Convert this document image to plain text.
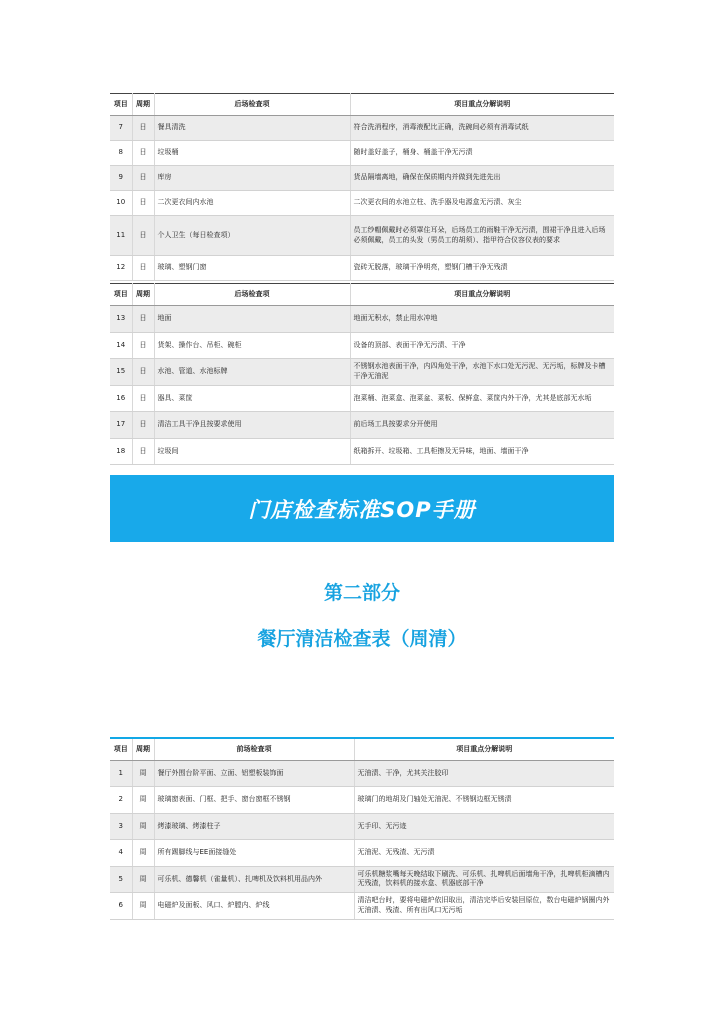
项目	周期	后场检查项	项目重点分解说明
7	日	餐具清洗	符合洗消程序，消毒液配比正确，洗碗间必须有消毒试纸
8	日	垃圾桶	随时盖好盖子，桶身、桶盖干净无污渍
9	日	库房	货品隔墙离地，确保在保质期内并做到先进先出
10	日	二次更衣间内水池	二次更衣间的水池立柱、洗手器及电源盒无污渍、灰尘
11	日	个人卫生（每日检查项）	员工纱帽佩戴时必须罩住耳朵，后场员工的雨鞋干净无污渍，围裙干净且进入后场必须佩戴，员工的头发（男员工的胡须）、指甲符合仪容仪表的要求
12	日	玻璃、塑钢门窗	瓷砖无脱落，玻璃干净明亮，塑钢门槽干净无残渍
项目	周期	后场检查项	项目重点分解说明
13	日	地面	地面无积水，禁止用水冲地
14	日	货架、操作台、吊柜、碗柜	设备的顶部、表面干净无污渍、干净
15	日	水池、管道、水池标牌	不锈钢水池表面干净，内四角处干净，水池下水口处无污泥、无污垢，标牌及卡槽干净无油泥
16	日	器具、菜筐	泡菜桶、泡菜盒、泡菜盆、菜板、保鲜盒、菜筐内外干净，尤其是底部无水垢
17	日	清洁工具干净且按要求使用	前后场工具按要求分开使用
18	日	垃圾间	纸箱拆开、垃圾箱、工具柜擦及无异味，地面、墙面干净
门店检查标准SOP手册
第二部分
餐厅清洁检查表（周清）
项目	周期	前场检查项	项目重点分解说明
1	周	餐厅外围台阶平面、立面、铝塑板装饰面	无油渍、干净，尤其关注胶印
2	周	玻璃窗表面、门框、把手、窗台窗框不锈钢	玻璃门的地胡及门轴处无油泥、不锈钢边框无锈渍
3	周	烤漆玻璃、烤漆柱子	无手印、无污迹
4	周	所有踢脚线与EE面接缝处	无油泥、无残渣、无污渍
5	周	可乐机、德馨机（雀量机）、扎啤机及饮料机用品内外	可乐机糖浆嘴每天晚结取下刷洗、可乐机、扎啤机后面墙角干净，扎啤机柜滴槽内无残渣，饮料机的接水盒、机器底部干净
6	周	电磁炉及面板、风口、炉膛内、炉线	清洁吧台时，要将电磁炉依旧取出，清洁完毕后安装回原位，数台电磁炉锅圈内外无油渍、残渣、所有出风口无污垢
